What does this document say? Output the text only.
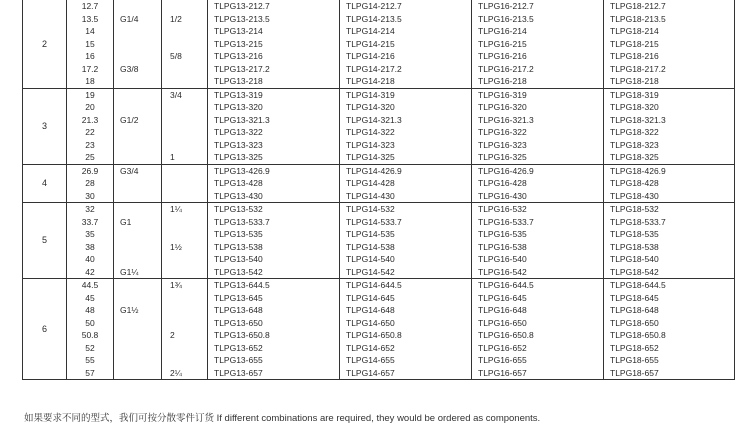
2	12.7			TLPG13-212.7	TLPG14-212.7	TLPG16-212.7	TLPG18-212.7
	13.5	G1/4	1/2	TLPG13-213.5	TLPG14-213.5	TLPG16-213.5	TLPG18-213.5
	14			TLPG13-214	TLPG14-214	TLPG16-214	TLPG18-214
	15			TLPG13-215	TLPG14-215	TLPG16-215	TLPG18-215
	16		5/8	TLPG13-216	TLPG14-216	TLPG16-216	TLPG18-216
	17.2	G3/8		TLPG13-217.2	TLPG14-217.2	TLPG16-217.2	TLPG18-217.2
	18			TLPG13-218	TLPG14-218	TLPG16-218	TLPG18-218
3	19		3/4	TLPG13-319	TLPG14-319	TLPG16-319	TLPG18-319
	20			TLPG13-320	TLPG14-320	TLPG16-320	TLPG18-320
	21.3	G1/2		TLPG13-321.3	TLPG14-321.3	TLPG16-321.3	TLPG18-321.3
	22			TLPG13-322	TLPG14-322	TLPG16-322	TLPG18-322
	23			TLPG13-323	TLPG14-323	TLPG16-323	TLPG18-323
	25		1	TLPG13-325	TLPG14-325	TLPG16-325	TLPG18-325
4	26.9	G3/4		TLPG13-426.9	TLPG14-426.9	TLPG16-426.9	TLPG18-426.9
	28			TLPG13-428	TLPG14-428	TLPG16-428	TLPG18-428
	30			TLPG13-430	TLPG14-430	TLPG16-430	TLPG18-430
5	32		1¼	TLPG13-532	TLPG14-532	TLPG16-532	TLPG18-532
	33.7	G1		TLPG13-533.7	TLPG14-533.7	TLPG16-533.7	TLPG18-533.7
	35			TLPG13-535	TLPG14-535	TLPG16-535	TLPG18-535
	38		1½	TLPG13-538	TLPG14-538	TLPG16-538	TLPG18-538
	40			TLPG13-540	TLPG14-540	TLPG16-540	TLPG18-540
	42	G1¼		TLPG13-542	TLPG14-542	TLPG16-542	TLPG18-542
6	44.5		1¾	TLPG13-644.5	TLPG14-644.5	TLPG16-644.5	TLPG18-644.5
	45			TLPG13-645	TLPG14-645	TLPG16-645	TLPG18-645
	48	G1½		TLPG13-648	TLPG14-648	TLPG16-648	TLPG18-648
	50			TLPG13-650	TLPG14-650	TLPG16-650	TLPG18-650
	50.8		2	TLPG13-650.8	TLPG14-650.8	TLPG16-650.8	TLPG18-650.8
	52			TLPG13-652	TLPG14-652	TLPG16-652	TLPG18-652
	55			TLPG13-655	TLPG14-655	TLPG16-655	TLPG18-655
	57		2¼	TLPG13-657	TLPG14-657	TLPG16-657	TLPG18-657
如果要求不同的型式，我们可按分散零件订货 If different combinations are required, they would be ordered as components.
